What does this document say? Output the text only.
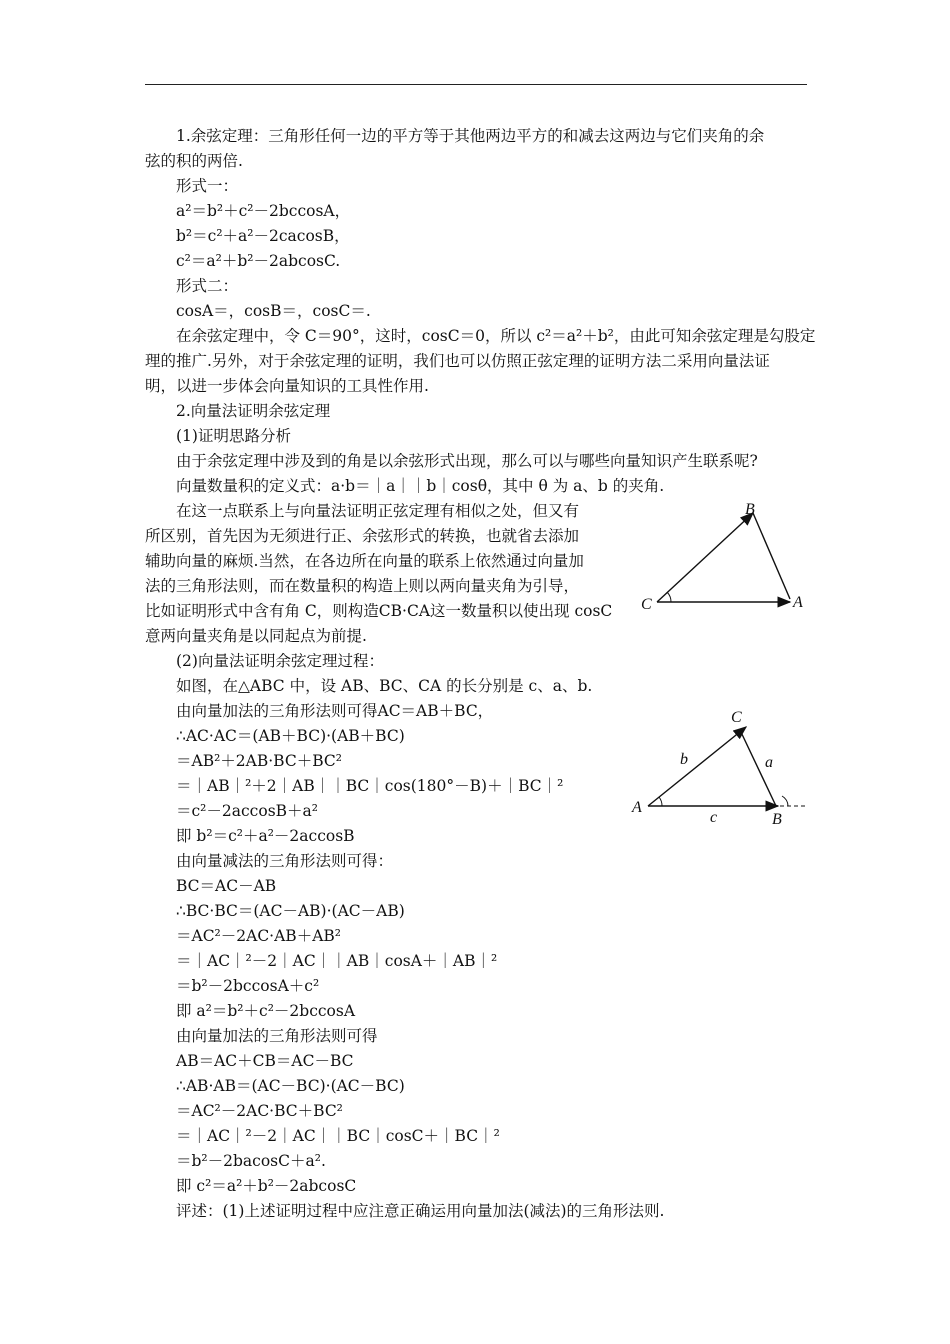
1.余弦定理：三角形任何一边的平方等于其他两边平方的和减去这两边与它们夹角的余
弦的积的两倍.
形式一：
a²＝b²＋c²－2bccosA，
b²＝c²＋a²－2cacosB，
c²＝a²＋b²－2abcosC.
形式二：
cosA＝，cosB＝，cosC＝.
在余弦定理中，令 C＝90°，这时，cosC＝0，所以 c²＝a²＋b²，由此可知余弦定理是勾股定
理的推广.另外，对于余弦定理的证明，我们也可以仿照正弦定理的证明方法二采用向量法证
明，以进一步体会向量知识的工具性作用.
2.向量法证明余弦定理
(1)证明思路分析
由于余弦定理中涉及到的角是以余弦形式出现，那么可以与哪些向量知识产生联系呢?
向量数量积的定义式：a·b＝｜a｜｜b｜cosθ，其中 θ 为 a、b 的夹角.
在这一点联系上与向量法证明正弦定理有相似之处，但又有
所区别，首先因为无须进行正、余弦形式的转换，也就省去添加
辅助向量的麻烦.当然，在各边所在向量的联系上依然通过向量加
法的三角形法则，而在数量积的构造上则以两向量夹角为引导，
比如证明形式中含有角 C，则构造CB·CA这一数量积以使出现 cosC
意两向量夹角是以同起点为前提.
B
C	A
(2)向量法证明余弦定理过程：
如图，在△ABC 中，设 AB、BC、CA 的长分别是 c、a、b.
由向量加法的三角形法则可得AC＝AB＋BC，
∴AC·AC＝(AB＋BC)·(AB＋BC)
＝AB²＋2AB·BC＋BC²
＝｜AB｜²＋2｜AB｜｜BC｜cos(180°－B)＋｜BC｜²
＝c²－2accosB＋a²
即 b²＝c²＋a²－2accosB
由向量减法的三角形法则可得：
BC＝AC－AB
∴BC·BC＝(AC－AB)·(AC－AB)
＝AC²－2AC·AB＋AB²
＝｜AC｜²－2｜AC｜｜AB｜cosA＋｜AB｜²
＝b²－2bccosA＋c²
即 a²＝b²＋c²－2bccosA
由向量加法的三角形法则可得
AB＝AC＋CB＝AC－BC
∴AB·AB＝(AC－BC)·(AC－BC)
＝AC²－2AC·BC＋BC²
＝｜AC｜²－2｜AC｜｜BC｜cosC＋｜BC｜²
＝b²－2bacosC＋a².
即 c²＝a²＋b²－2abcosC
评述：(1)上述证明过程中应注意正确运用向量加法(减法)的三角形法则.
C
A
B
a
b
c
